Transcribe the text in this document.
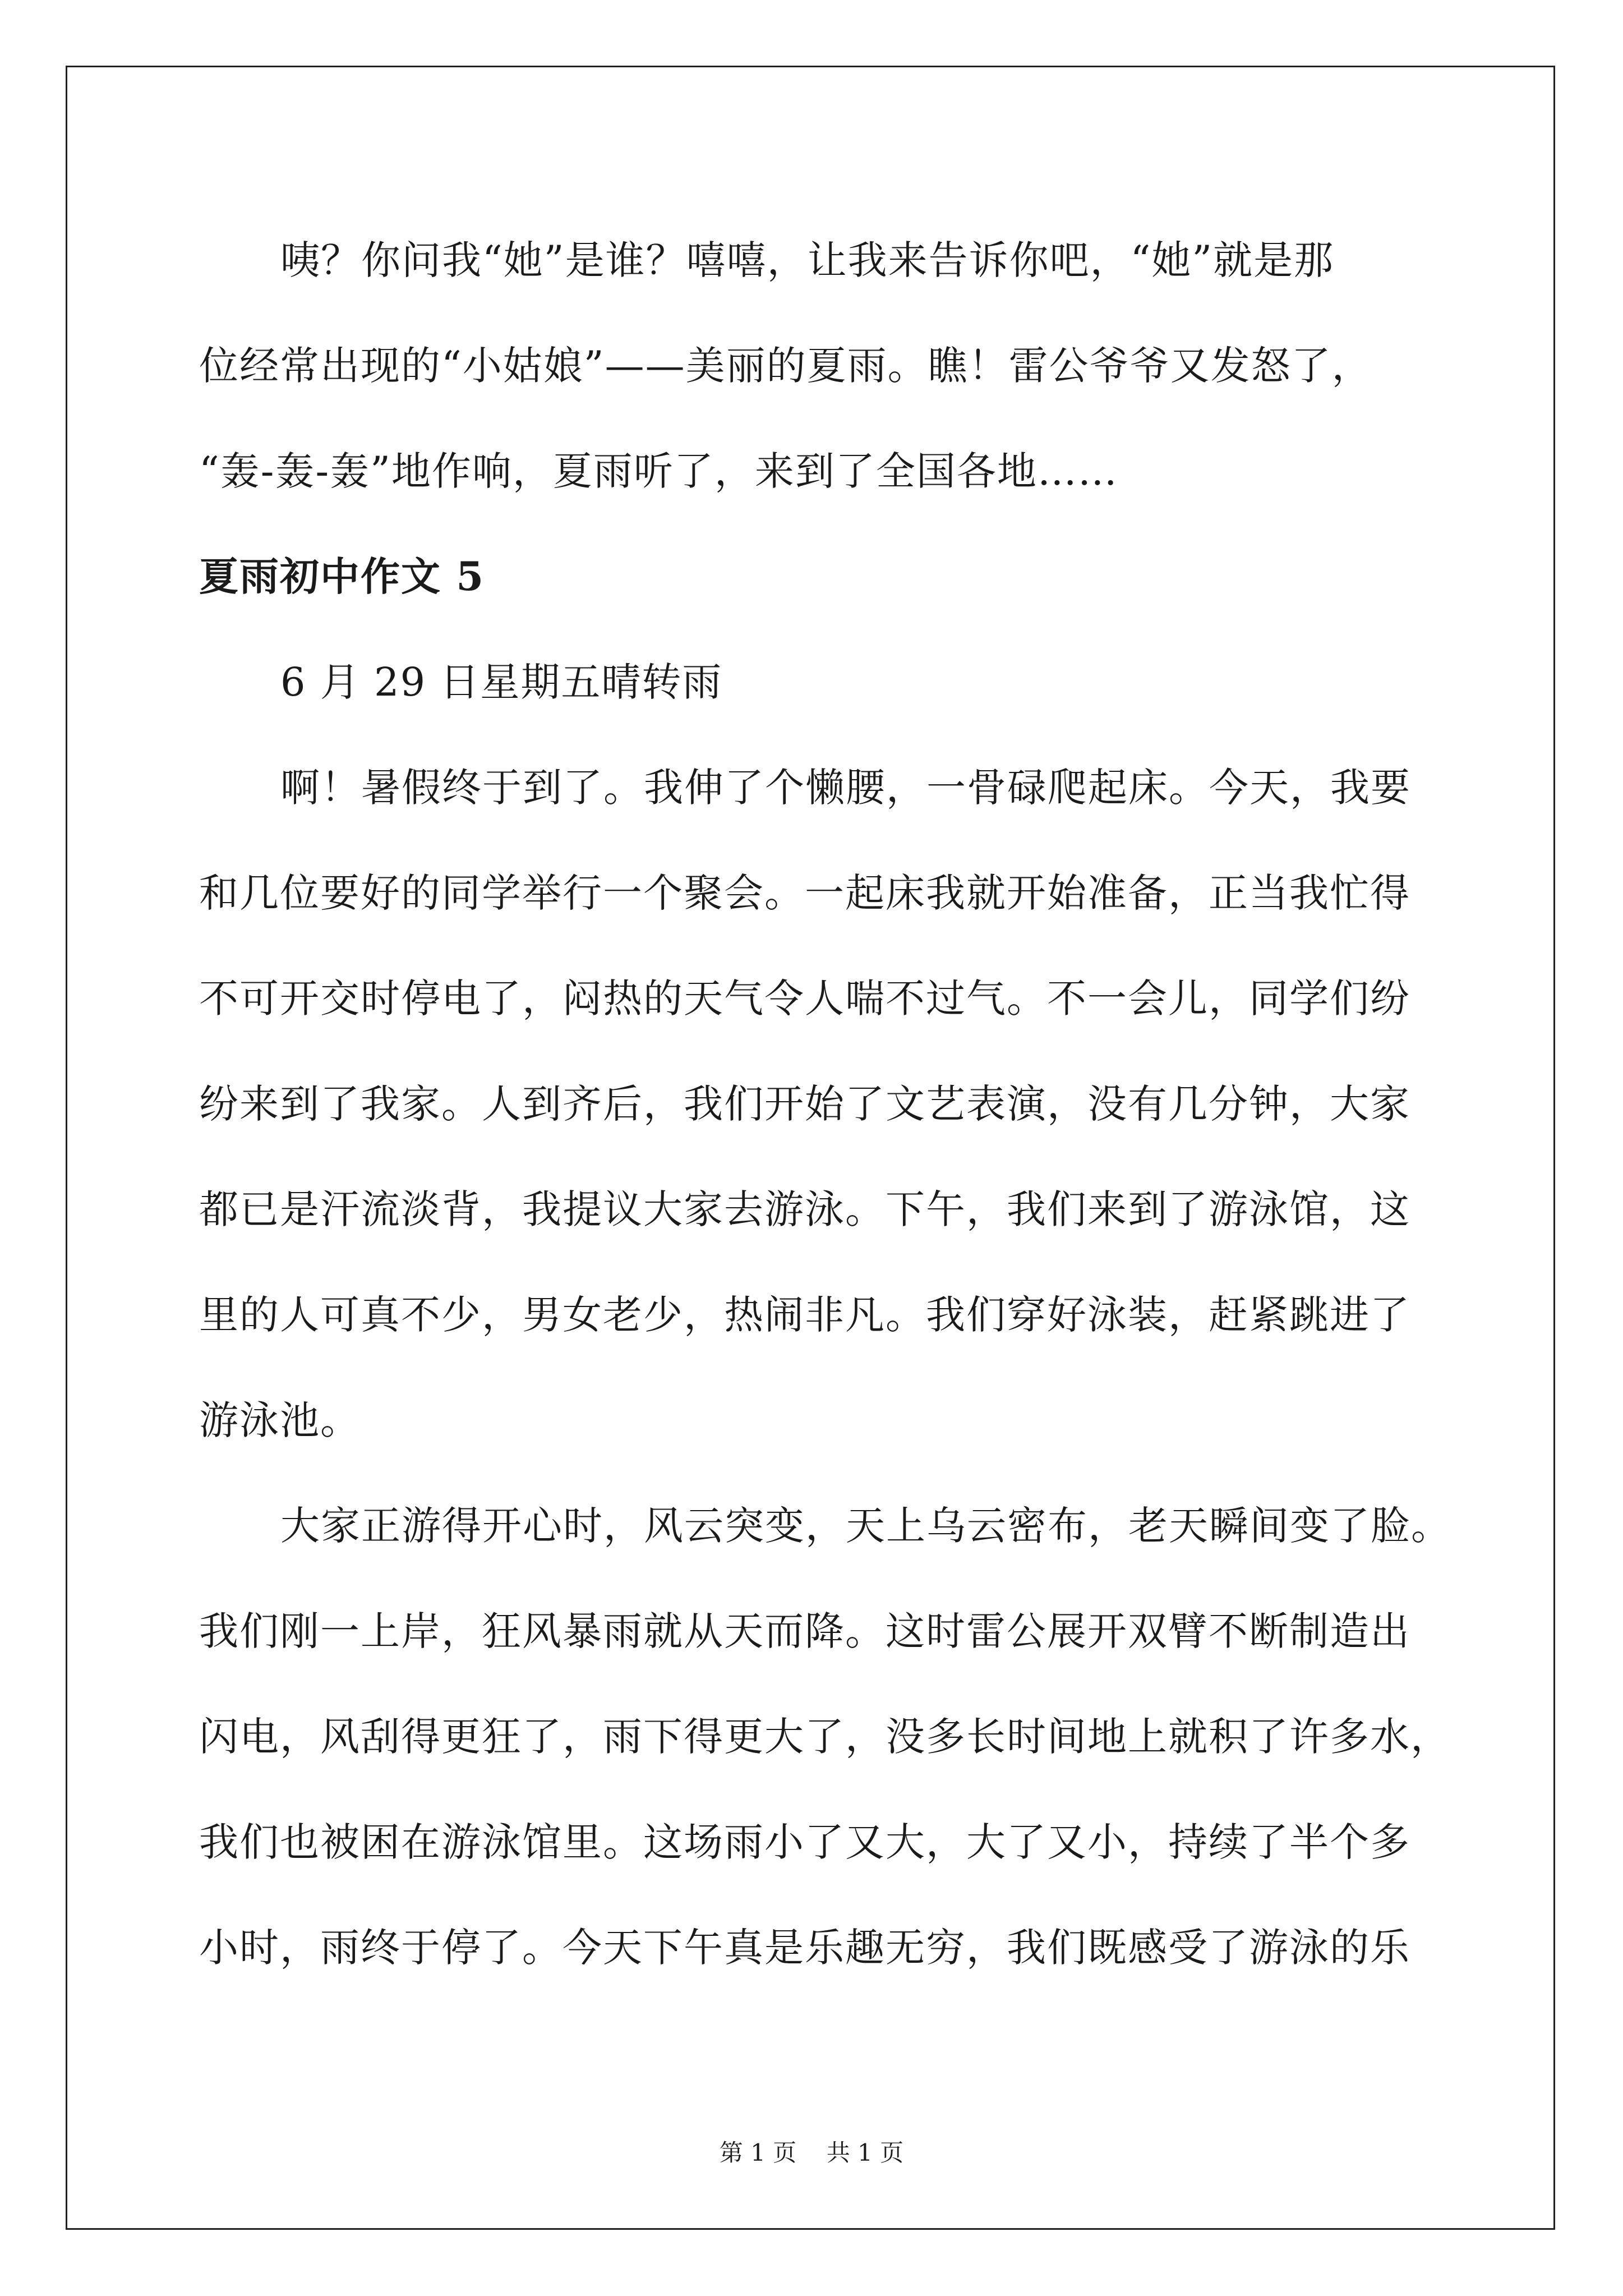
咦？你问我“她”是谁？嘻嘻，让我来告诉你吧，“她”就是那

位经常出现的“小姑娘”——美丽的夏雨。瞧！雷公爷爷又发怒了，

“轰-轰-轰”地作响，夏雨听了，来到了全国各地……

夏雨初中作文 5

6 月 29 日星期五晴转雨

啊！暑假终于到了。我伸了个懒腰，一骨碌爬起床。今天，我要

和几位要好的同学举行一个聚会。一起床我就开始准备，正当我忙得

不可开交时停电了，闷热的天气令人喘不过气。不一会儿，同学们纷

纷来到了我家。人到齐后，我们开始了文艺表演，没有几分钟，大家

都已是汗流淡背，我提议大家去游泳。下午，我们来到了游泳馆，这

里的人可真不少，男女老少，热闹非凡。我们穿好泳装，赶紧跳进了

游泳池。

大家正游得开心时，风云突变，天上乌云密布，老天瞬间变了脸。

我们刚一上岸，狂风暴雨就从天而降。这时雷公展开双臂不断制造出

闪电，风刮得更狂了，雨下得更大了，没多长时间地上就积了许多水，

我们也被困在游泳馆里。这场雨小了又大，大了又小，持续了半个多

小时，雨终于停了。今天下午真是乐趣无穷，我们既感受了游泳的乐

第 1 页    共 1 页
